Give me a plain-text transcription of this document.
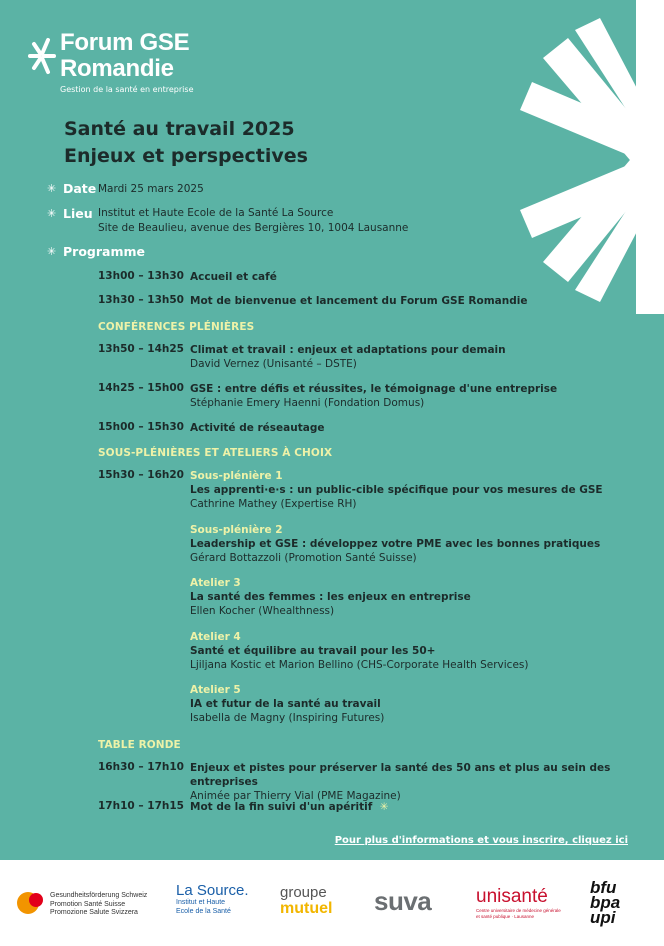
Forum GSE
Romandie
Gestion de la santé en entreprise
Santé au travail 2025
Enjeux et perspectives
✳ Date Mardi 25 mars 2025
✳ Lieu Institut et Haute Ecole de la Santé La Source
Site de Beaulieu, avenue des Bergières 10, 1004 Lausanne
✳ Programme
13h00 – 13h30 Accueil et café
13h30 – 13h50 Mot de bienvenue et lancement du Forum GSE Romandie
CONFÉRENCES PLÉNIÈRES
13h50 – 14h25 Climat et travail : enjeux et adaptations pour demain
David Vernez (Unisanté – DSTE)
14h25 – 15h00 GSE : entre défis et réussites, le témoignage d'une entreprise
Stéphanie Emery Haenni (Fondation Domus)
15h00 – 15h30 Activité de réseautage
SOUS-PLÉNIÈRES ET ATELIERS À CHOIX
15h30 – 16h20 Sous-plénière 1
Les apprenti·e·s : un public-cible spécifique pour vos mesures de GSE
Cathrine Mathey (Expertise RH)
Sous-plénière 2
Leadership et GSE : développez votre PME avec les bonnes pratiques
Gérard Bottazzoli (Promotion Santé Suisse)
Atelier 3
La santé des femmes : les enjeux en entreprise
Ellen Kocher (Whealthness)
Atelier 4
Santé et équilibre au travail pour les 50+
Ljiljana Kostic et Marion Bellino (CHS-Corporate Health Services)
Atelier 5
IA et futur de la santé au travail
Isabella de Magny (Inspiring Futures)
TABLE RONDE
16h30 – 17h10 Enjeux et pistes pour préserver la santé des 50 ans et plus au sein des entreprises
Animée par Thierry Vial (PME Magazine)
17h10 – 17h15 Mot de la fin suivi d'un apéritif ✳
Pour plus d'informations et vous inscrire, cliquez ici
Gesundheitsförderung Schweiz
Promotion Santé Suisse
Promozione Salute Svizzera
La Source.
Institut et Haute
Ecole de la Santé
groupe
mutuel suva unisanté
Centre universitaire de médecine générale
et santé publique · Lausanne
bfu
bpa
upi
